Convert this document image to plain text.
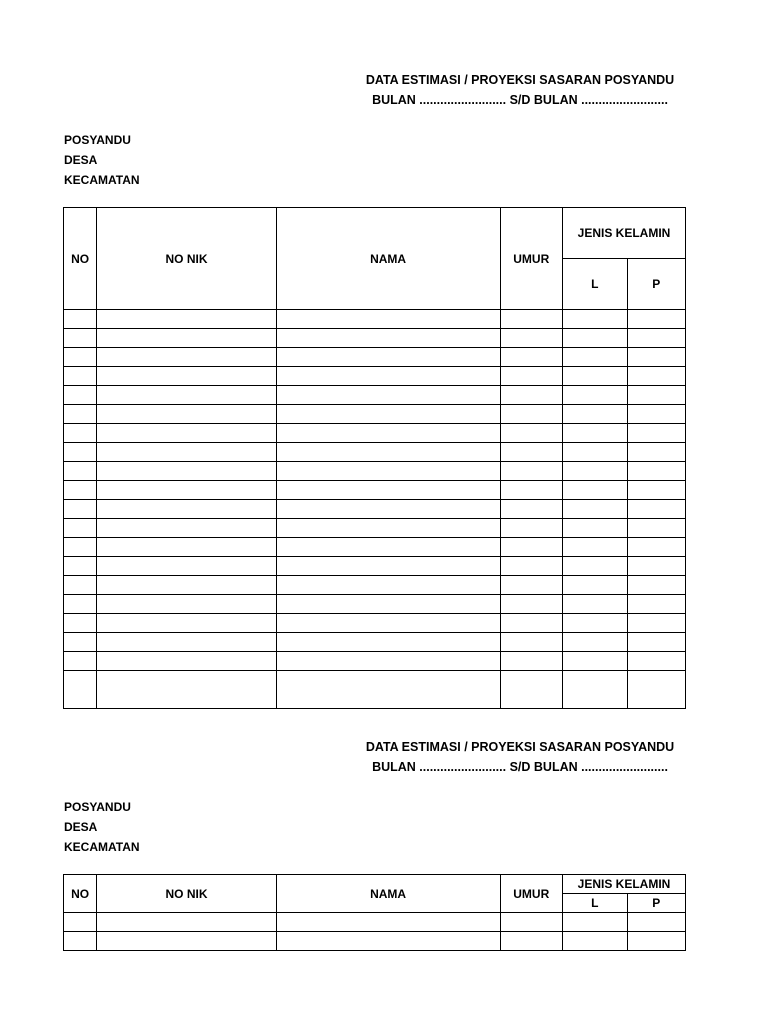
DATA ESTIMASI / PROYEKSI SASARAN POSYANDU
BULAN ......................... S/D BULAN .........................
POSYANDU
DESA
KECAMATAN
NO	NO NIK	NAMA	UMUR	JENIS KELAMIN	
				L	P

DATA ESTIMASI / PROYEKSI SASARAN POSYANDU
BULAN ......................... S/D BULAN .........................
POSYANDU
DESA
KECAMATAN
NO	NO NIK	NAMA	UMUR	JENIS KELAMIN	
				L	P
